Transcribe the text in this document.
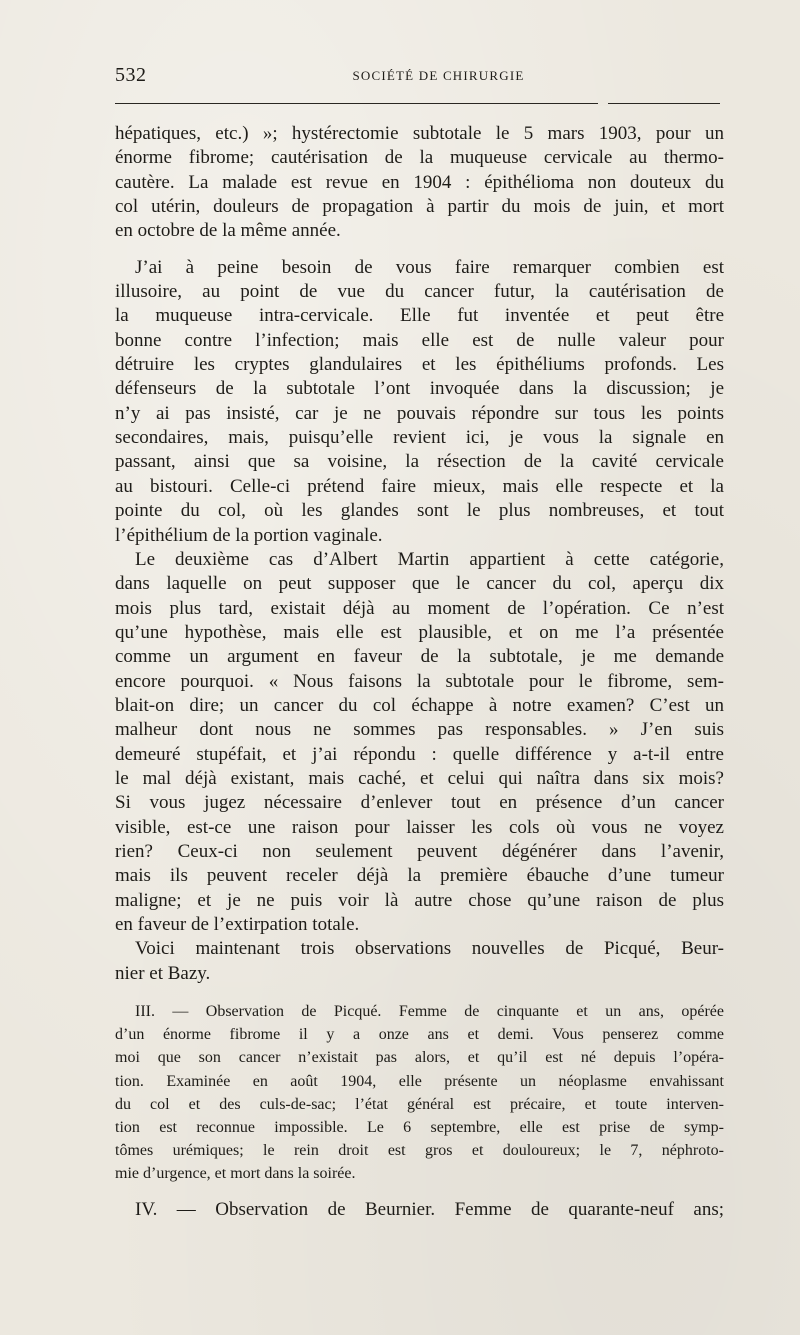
532	SOCIÉTÉ DE CHIRURGIE
hépatiques, etc.) »; hystérectomie subtotale le 5 mars 1903, pour un
énorme fibrome; cautérisation de la muqueuse cervicale au thermo-
cautère. La malade est revue en 1904 : épithélioma non douteux du
col utérin, douleurs de propagation à partir du mois de juin, et mort
en octobre de la même année.
J’ai à peine besoin de vous faire remarquer combien est
illusoire, au point de vue du cancer futur, la cautérisation de
la muqueuse intra-cervicale. Elle fut inventée et peut être
bonne contre l’infection; mais elle est de nulle valeur pour
détruire les cryptes glandulaires et les épithéliums profonds. Les
défenseurs de la subtotale l’ont invoquée dans la discussion; je
n’y ai pas insisté, car je ne pouvais répondre sur tous les points
secondaires, mais, puisqu’elle revient ici, je vous la signale en
passant, ainsi que sa voisine, la résection de la cavité cervicale
au bistouri. Celle-ci prétend faire mieux, mais elle respecte et la
pointe du col, où les glandes sont le plus nombreuses, et tout
l’épithélium de la portion vaginale.
Le deuxième cas d’Albert Martin appartient à cette catégorie,
dans laquelle on peut supposer que le cancer du col, aperçu dix
mois plus tard, existait déjà au moment de l’opération. Ce n’est
qu’une hypothèse, mais elle est plausible, et on me l’a présentée
comme un argument en faveur de la subtotale, je me demande
encore pourquoi. « Nous faisons la subtotale pour le fibrome, sem-
blait-on dire; un cancer du col échappe à notre examen? C’est un
malheur dont nous ne sommes pas responsables. » J’en suis
demeuré stupéfait, et j’ai répondu : quelle différence y a-t-il entre
le mal déjà existant, mais caché, et celui qui naîtra dans six mois?
Si vous jugez nécessaire d’enlever tout en présence d’un cancer
visible, est-ce une raison pour laisser les cols où vous ne voyez
rien? Ceux-ci non seulement peuvent dégénérer dans l’avenir,
mais ils peuvent receler déjà la première ébauche d’une tumeur
maligne; et je ne puis voir là autre chose qu’une raison de plus
en faveur de l’extirpation totale.
Voici maintenant trois observations nouvelles de Picqué, Beur-
nier et Bazy.
III. — Observation de Picqué. Femme de cinquante et un ans, opérée
d’un énorme fibrome il y a onze ans et demi. Vous penserez comme
moi que son cancer n’existait pas alors, et qu’il est né depuis l’opéra-
tion. Examinée en août 1904, elle présente un néoplasme envahissant
du col et des culs-de-sac; l’état général est précaire, et toute interven-
tion est reconnue impossible. Le 6 septembre, elle est prise de symp-
tômes urémiques; le rein droit est gros et douloureux; le 7, néphroto-
mie d’urgence, et mort dans la soirée.
IV. — Observation de Beurnier. Femme de quarante-neuf ans;
